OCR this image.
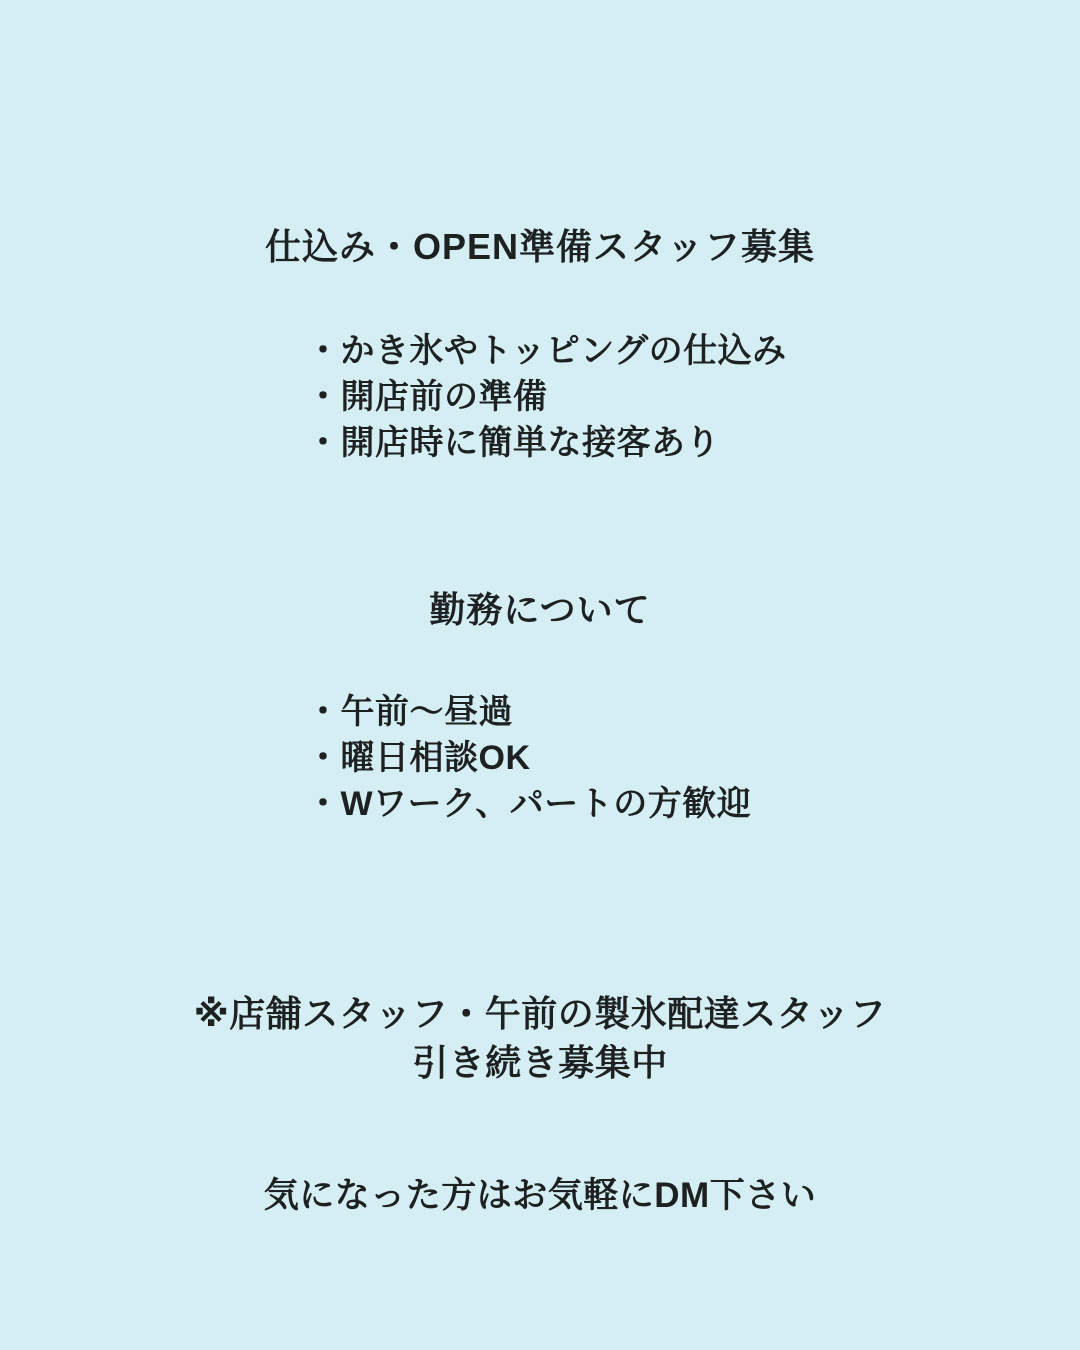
仕込み・OPEN準備スタッフ募集
・かき氷やトッピングの仕込み
・開店前の準備
・開店時に簡単な接客あり
勤務について
・午前〜昼過
・曜日相談OK
・Wワーク、パートの方歓迎
※店舗スタッフ・午前の製氷配達スタッフ
引き続き募集中
気になった方はお気軽にDM下さい
